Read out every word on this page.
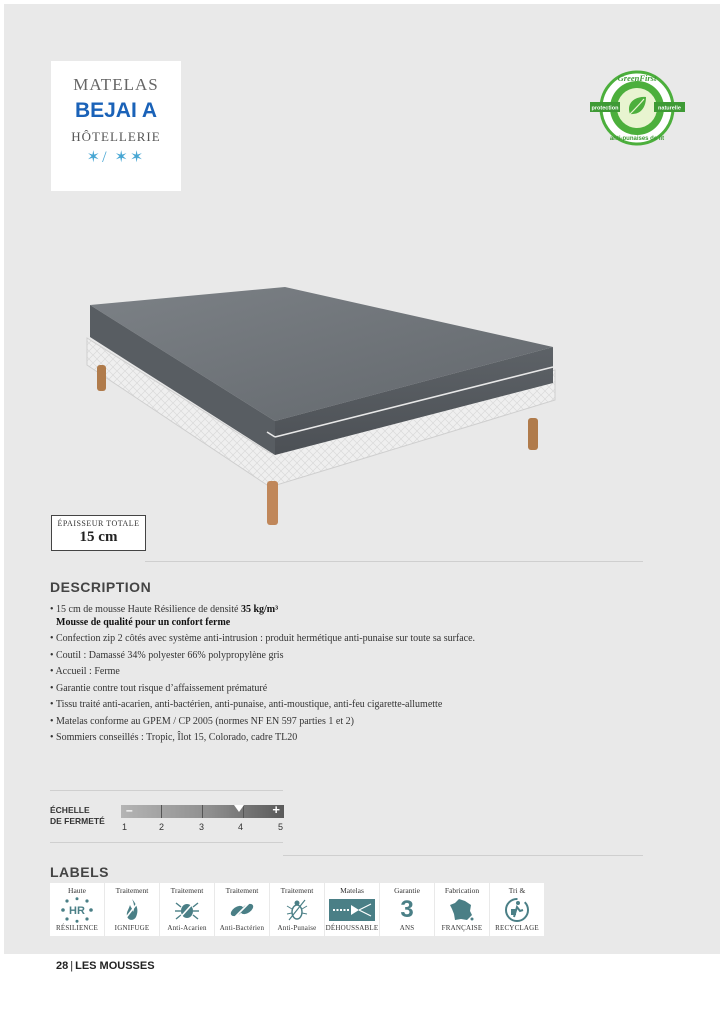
MATELAS
BEJAI A
HÔTELLERIE
✶/ ✶✶
protection	naturelle
GreenFirst
anti-punaises de lit
ÉPAISSEUR TOTALE
15 cm
DESCRIPTION
• 15 cm de mousse Haute Résilience de densité 35 kg/m³
Mousse de qualité pour un confort ferme
• Confection zip 2 côtés avec système anti-intrusion : produit hermétique anti-punaise sur toute sa surface.
• Coutil : Damassé 34% polyester 66% polypropylène gris
• Accueil : Ferme
• Garantie contre tout risque d’affaissement prématuré
• Tissu traité anti-acarien, anti-bactérien, anti-punaise, anti-moustique, anti-feu cigarette-allumette
• Matelas conforme au GPEM / CP 2005 (normes NF EN 597 parties 1 et 2)
• Sommiers conseillés : Tropic, Îlot 15, Colorado, cadre TL20
ÉCHELLE
DE FERMETÉ
–	+
1	2	3	4	5
LABELS
Haute
HR
RÉSILIENCE
Traitement
IGNIFUGE
Traitement
Anti-Acarien
Traitement
Anti-Bactérien
Traitement
Anti-Punaise
Matelas
DÉHOUSSABLE
Garantie
3
ANS
Fabrication
FRANÇAISE
Tri &
RECYCLAGE
28 | LES MOUSSES
